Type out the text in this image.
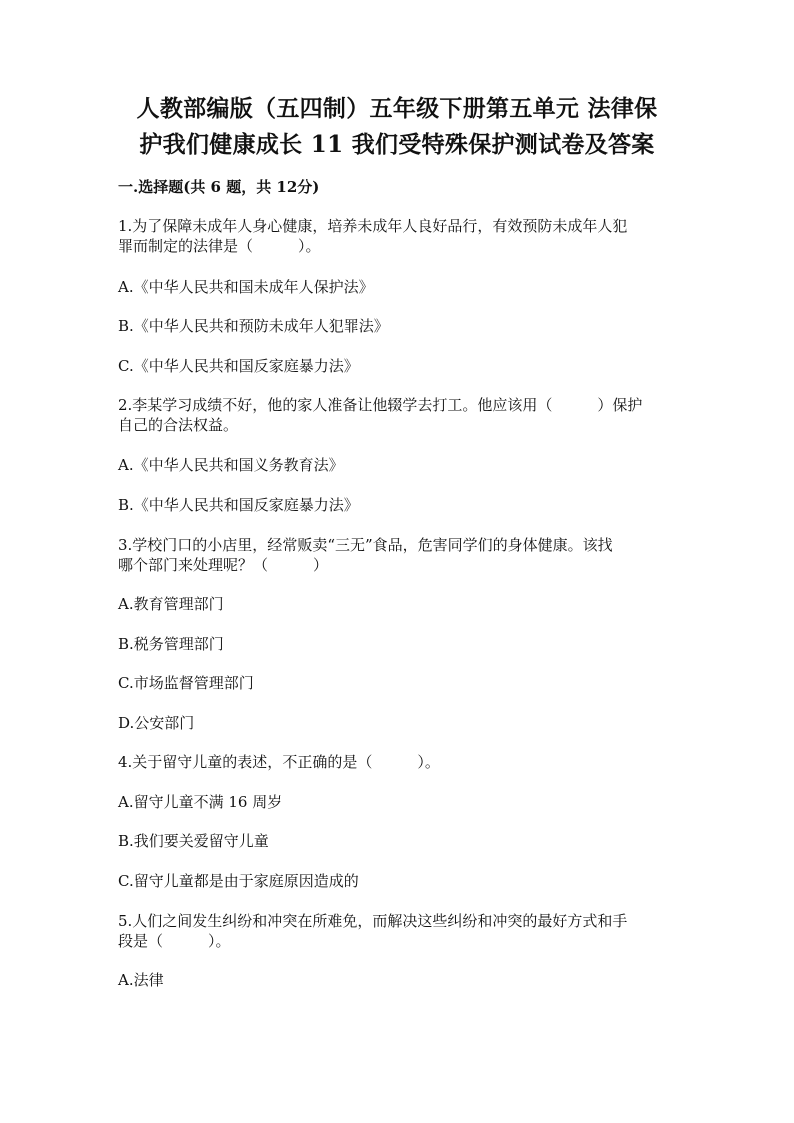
人教部编版（五四制）五年级下册第五单元 法律保
护我们健康成长 11 我们受特殊保护测试卷及答案
一.选择题(共 6 题，共 12分)
1.为了保障未成年人身心健康，培养未成年人良好品行，有效预防未成年人犯
罪而制定的法律是（　　　）。
A.《中华人民共和国未成年人保护法》
B.《中华人民共和预防未成年人犯罪法》
C.《中华人民共和国反家庭暴力法》
2.李某学习成绩不好，他的家人准备让他辍学去打工。他应该用（　　　）保护
自己的合法权益。
A.《中华人民共和国义务教育法》
B.《中华人民共和国反家庭暴力法》
3.学校门口的小店里，经常贩卖“三无”食品，危害同学们的身体健康。该找
哪个部门来处理呢？（　　　）
A.教育管理部门
B.税务管理部门
C.市场监督管理部门
D.公安部门
4.关于留守儿童的表述，不正确的是（　　　）。
A.留守儿童不满 16 周岁
B.我们要关爱留守儿童
C.留守儿童都是由于家庭原因造成的
5.人们之间发生纠纷和冲突在所难免，而解决这些纠纷和冲突的最好方式和手
段是（　　　）。
A.法律
